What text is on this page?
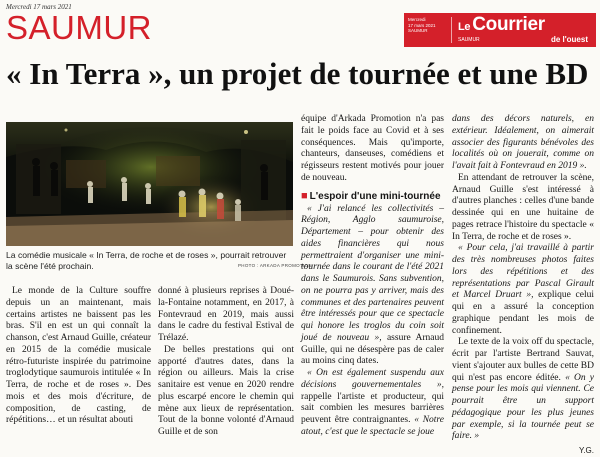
Mercredi 17 mars 2021
SAUMUR	Mercredi
17 mars 2021
SAUMUR	Le Courrier
SAUMUR	de l'ouest
« In Terra », un projet de tournée et une BD

La comédie musicale « In Terra, de roche et de roses », pourrait retrouver la scène l'été prochain.	PHOTO : ARKADA PROMOTION

Le monde de la Culture souffre depuis un an maintenant, mais certains artistes ne baissent pas les bras. S'il en est un qui connaît la chanson, c'est Arnaud Guille, créateur en 2015 de la comédie musicale rétro-futuriste inspirée du patrimoine troglodytique saumurois intitulée « In Terra, de roche et de roses ». Des mois et des mois d'écriture, de composition, de casting, de répétitions… et un résultat abouti

donné à plusieurs reprises à Doué-la-Fontaine notamment, en 2017, à Fontevraud en 2019, mais aussi dans le cadre du festival Estival de Trélazé.

De belles prestations qui ont apporté d'autres dates, dans la région ou ailleurs. Mais la crise sanitaire est venue en 2020 rendre plus escarpé encore le chemin qui mène aux lieux de représentation. Tout de la bonne volonté d'Arnaud Guille et de son

équipe d'Arkada Promotion n'a pas fait le poids face au Covid et à ses conséquences. Mais qu'importe, chanteurs, danseuses, comédiens et régisseurs restent motivés pour jouer de nouveau.

■ L'espoir d'une mini-tournée

« J'ai relancé les collectivités – Région, Agglo saumuroise, Département – pour obtenir des aides financières qui nous permettraient d'organiser une mini-tournée dans le courant de l'été 2021 dans le Saumurois. Sans subvention, on ne pourra pas y arriver, mais des communes et des partenaires peuvent être intéressés pour que ce spectacle qui honore les troglos du coin soit joué de nouveau », assure Arnaud Guille, qui ne désespère pas de caler au moins cinq dates.

« On est également suspendu aux décisions gouvernementales », rappelle l'artiste et producteur, qui sait combien les mesures barrières peuvent être contraignantes. « Notre atout, c'est que le spectacle se joue

dans des décors naturels, en extérieur. Idéalement, on aimerait associer des figurants bénévoles des localités où on jouerait, comme on l'avait fait à Fontevraud en 2019 ».

En attendant de retrouver la scène, Arnaud Guille s'est intéressé à d'autres planches : celles d'une bande dessinée qui en une huitaine de pages retrace l'histoire du spectacle « In Terra, de roche et de roses ».

« Pour cela, j'ai travaillé à partir des très nombreuses photos faites lors des répétitions et des représentations par Pascal Girault et Marcel Druart », explique celui qui en a assuré la conception graphique pendant les mois de confinement.

Le texte de la voix off du spectacle, écrit par l'artiste Bertrand Sauvat, vient s'ajouter aux bulles de cette BD qui n'est pas encore éditée. « On y pense pour les mois qui viennent. Ce pourrait être un support pédagogique pour les plus jeunes par exemple, si la tournée peut se faire. »

Y.G.
